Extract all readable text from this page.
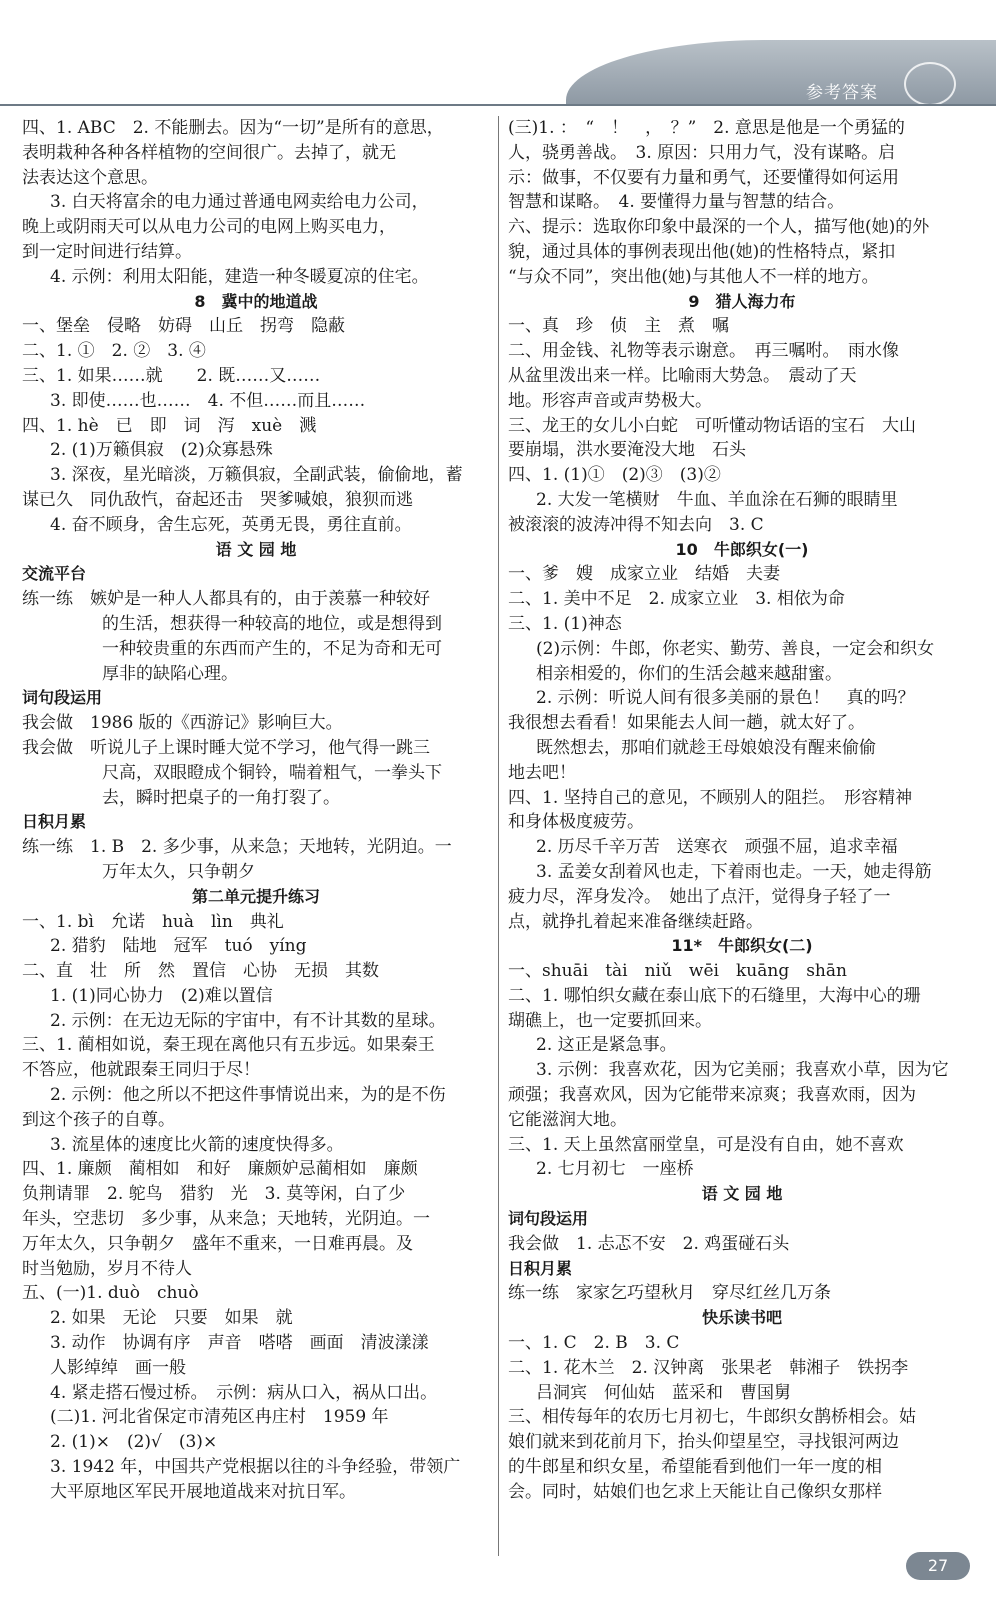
参考答案
四、1. ABC　2. 不能删去。因为“一切”是所有的意思，
表明栽种各种各样植物的空间很广。去掉了，就无
法表达这个意思。
3. 白天将富余的电力通过普通电网卖给电力公司，
晚上或阴雨天可以从电力公司的电网上购买电力，
到一定时间进行结算。
4. 示例：利用太阳能，建造一种冬暖夏凉的住宅。
8　冀中的地道战
一、堡垒　侵略　妨碍　山丘　拐弯　隐蔽
二、1. ①　2. ②　3. ④
三、1. 如果……就　　2. 既……又……
3. 即使……也……　4. 不但……而且……
四、1. hè　已　即　词　泻　xuè　溅
2. (1)万籁俱寂　(2)众寡悬殊
3. 深夜，星光暗淡，万籁俱寂，全副武装，偷偷地，蓄
谋已久　同仇敌忾，奋起还击　哭爹喊娘，狼狈而逃
4. 奋不顾身，舍生忘死，英勇无畏，勇往直前。
语 文 园 地
交流平台
练一练　嫉妒是一种人人都具有的，由于羡慕一种较好
的生活，想获得一种较高的地位，或是想得到
一种较贵重的东西而产生的，不足为奇和无可
厚非的缺陷心理。
词句段运用
我会做　1986 版的《西游记》影响巨大。
我会做　听说儿子上课时睡大觉不学习，他气得一跳三
尺高，双眼瞪成个铜铃，喘着粗气，一拳头下
去，瞬时把桌子的一角打裂了。
日积月累
练一练　1. B　2. 多少事，从来急；天地转，光阴迫。一
万年太久，只争朝夕
第二单元提升练习
一、1. bì　允诺　huà　lìn　典礼
2. 猎豹　陆地　冠军　tuó　yíng
二、直　壮　所　然　置信　心协　无损　其数
1. (1)同心协力　(2)难以置信
2. 示例：在无边无际的宇宙中，有不计其数的星球。
三、1. 蔺相如说，秦王现在离他只有五步远。如果秦王
不答应，他就跟秦王同归于尽！
2. 示例：他之所以不把这件事情说出来，为的是不伤
到这个孩子的自尊。
3. 流星体的速度比火箭的速度快得多。
四、1. 廉颇　蔺相如　和好　廉颇妒忌蔺相如　廉颇
负荆请罪　2. 鸵鸟　猎豹　光　3. 莫等闲，白了少
年头，空悲切　多少事，从来急；天地转，光阴迫。一
万年太久，只争朝夕　盛年不重来，一日难再晨。及
时当勉励，岁月不待人
五、(一)1. duò　chuò
2. 如果　无论　只要　如果　就
3. 动作　协调有序　声音　嗒嗒　画面　清波漾漾
人影绰绰　画一般
4. 紧走搭石慢过桥。　示例：病从口入，祸从口出。
(二)1. 河北省保定市清苑区冉庄村　1959 年
2. (1)×　(2)√　(3)×
3. 1942 年，中国共产党根据以往的斗争经验，带领广
大平原地区军民开展地道战来对抗日军。
(三)1. ：　“　！　，　？”　2. 意思是他是一个勇猛的
人，骁勇善战。　3. 原因：只用力气，没有谋略。启
示：做事，不仅要有力量和勇气，还要懂得如何运用
智慧和谋略。　4. 要懂得力量与智慧的结合。
六、提示：选取你印象中最深的一个人，描写他(她)的外
貌，通过具体的事例表现出他(她)的性格特点，紧扣
“与众不同”，突出他(她)与其他人不一样的地方。
9　猎人海力布
一、真　珍　侦　主　煮　嘱
二、用金钱、礼物等表示谢意。　再三嘱咐。　雨水像
从盆里泼出来一样。比喻雨大势急。　震动了天
地。形容声音或声势极大。
三、龙王的女儿小白蛇　可听懂动物话语的宝石　大山
要崩塌，洪水要淹没大地　石头
四、1. (1)①　(2)③　(3)②
2. 大发一笔横财　牛血、羊血涂在石狮的眼睛里
被滚滚的波涛冲得不知去向　3. C
10　牛郎织女(一)
一、爹　嫂　成家立业　结婚　夫妻
二、1. 美中不足　2. 成家立业　3. 相依为命
三、1. (1)神态
(2)示例：牛郎，你老实、勤劳、善良，一定会和织女
相亲相爱的，你们的生活会越来越甜蜜。
2. 示例：听说人间有很多美丽的景色！　真的吗？
我很想去看看！如果能去人间一趟，就太好了。
既然想去，那咱们就趁王母娘娘没有醒来偷偷
地去吧！
四、1. 坚持自己的意见，不顾别人的阻拦。　形容精神
和身体极度疲劳。
2. 历尽千辛万苦　送寒衣　顽强不屈，追求幸福
3. 孟姜女刮着风也走，下着雨也走。一天，她走得筋
疲力尽，浑身发冷。　她出了点汗，觉得身子轻了一
点，就挣扎着起来准备继续赶路。
11*　牛郎织女(二)
一、shuāi　tài　niǔ　wēi　kuāng　shān
二、1. 哪怕织女藏在泰山底下的石缝里，大海中心的珊
瑚礁上，也一定要抓回来。
2. 这正是紧急事。
3. 示例：我喜欢花，因为它美丽；我喜欢小草，因为它
顽强；我喜欢风，因为它能带来凉爽；我喜欢雨，因为
它能滋润大地。
三、1. 天上虽然富丽堂皇，可是没有自由，她不喜欢
2. 七月初七　一座桥
语 文 园 地
词句段运用
我会做　1. 忐忑不安　2. 鸡蛋碰石头
日积月累
练一练　家家乞巧望秋月　穿尽红丝几万条
快乐读书吧
一、1. C　2. B　3. C
二、1. 花木兰　2. 汉钟离　张果老　韩湘子　铁拐李
吕洞宾　何仙姑　蓝采和　曹国舅
三、相传每年的农历七月初七，牛郎织女鹊桥相会。姑
娘们就来到花前月下，抬头仰望星空，寻找银河两边
的牛郎星和织女星，希望能看到他们一年一度的相
会。同时，姑娘们也乞求上天能让自己像织女那样
27
